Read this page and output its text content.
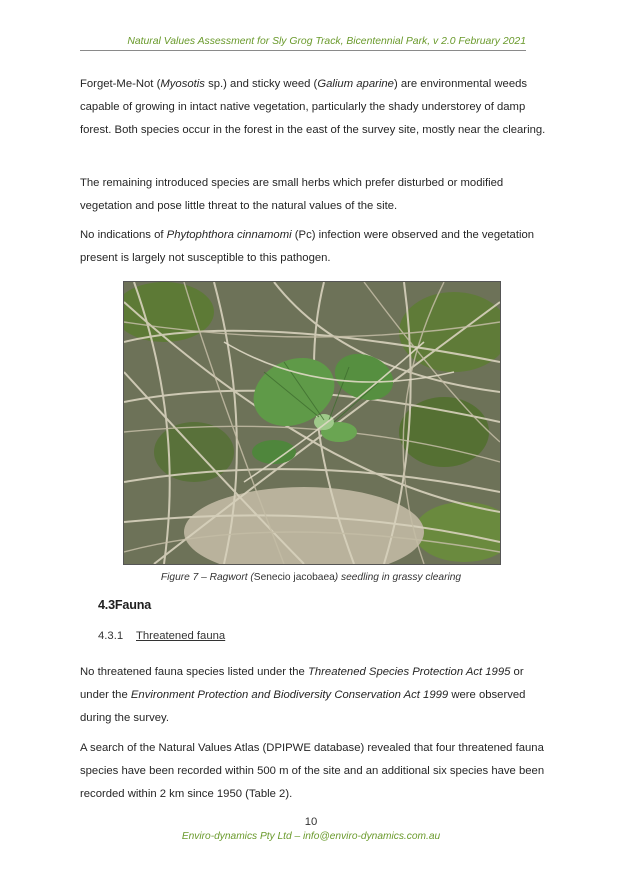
Natural Values Assessment for Sly Grog Track, Bicentennial Park, v 2.0 February 2021

Forget-Me-Not (Myosotis sp.) and sticky weed (Galium aparine) are environmental weeds capable of growing in intact native vegetation, particularly the shady understorey of damp forest. Both species occur in the forest in the east of the survey site, mostly near the clearing.

The remaining introduced species are small herbs which prefer disturbed or modified vegetation and pose little threat to the natural values of the site.

No indications of Phytophthora cinnamomi (Pc) infection were observed and the vegetation present is largely not susceptible to this pathogen.

Figure 7 – Ragwort (Senecio jacobaea) seedling in grassy clearing
4.3Fauna
4.3.1 Threatened fauna

No threatened fauna species listed under the Threatened Species Protection Act 1995 or under the Environment Protection and Biodiversity Conservation Act 1999 were observed during the survey.

A search of the Natural Values Atlas (DPIPWE database) revealed that four threatened fauna species have been recorded within 500 m of the site and an additional six species have been recorded within 2 km since 1950 (Table 2).

10
Enviro-dynamics Pty Ltd – info@enviro-dynamics.com.au
